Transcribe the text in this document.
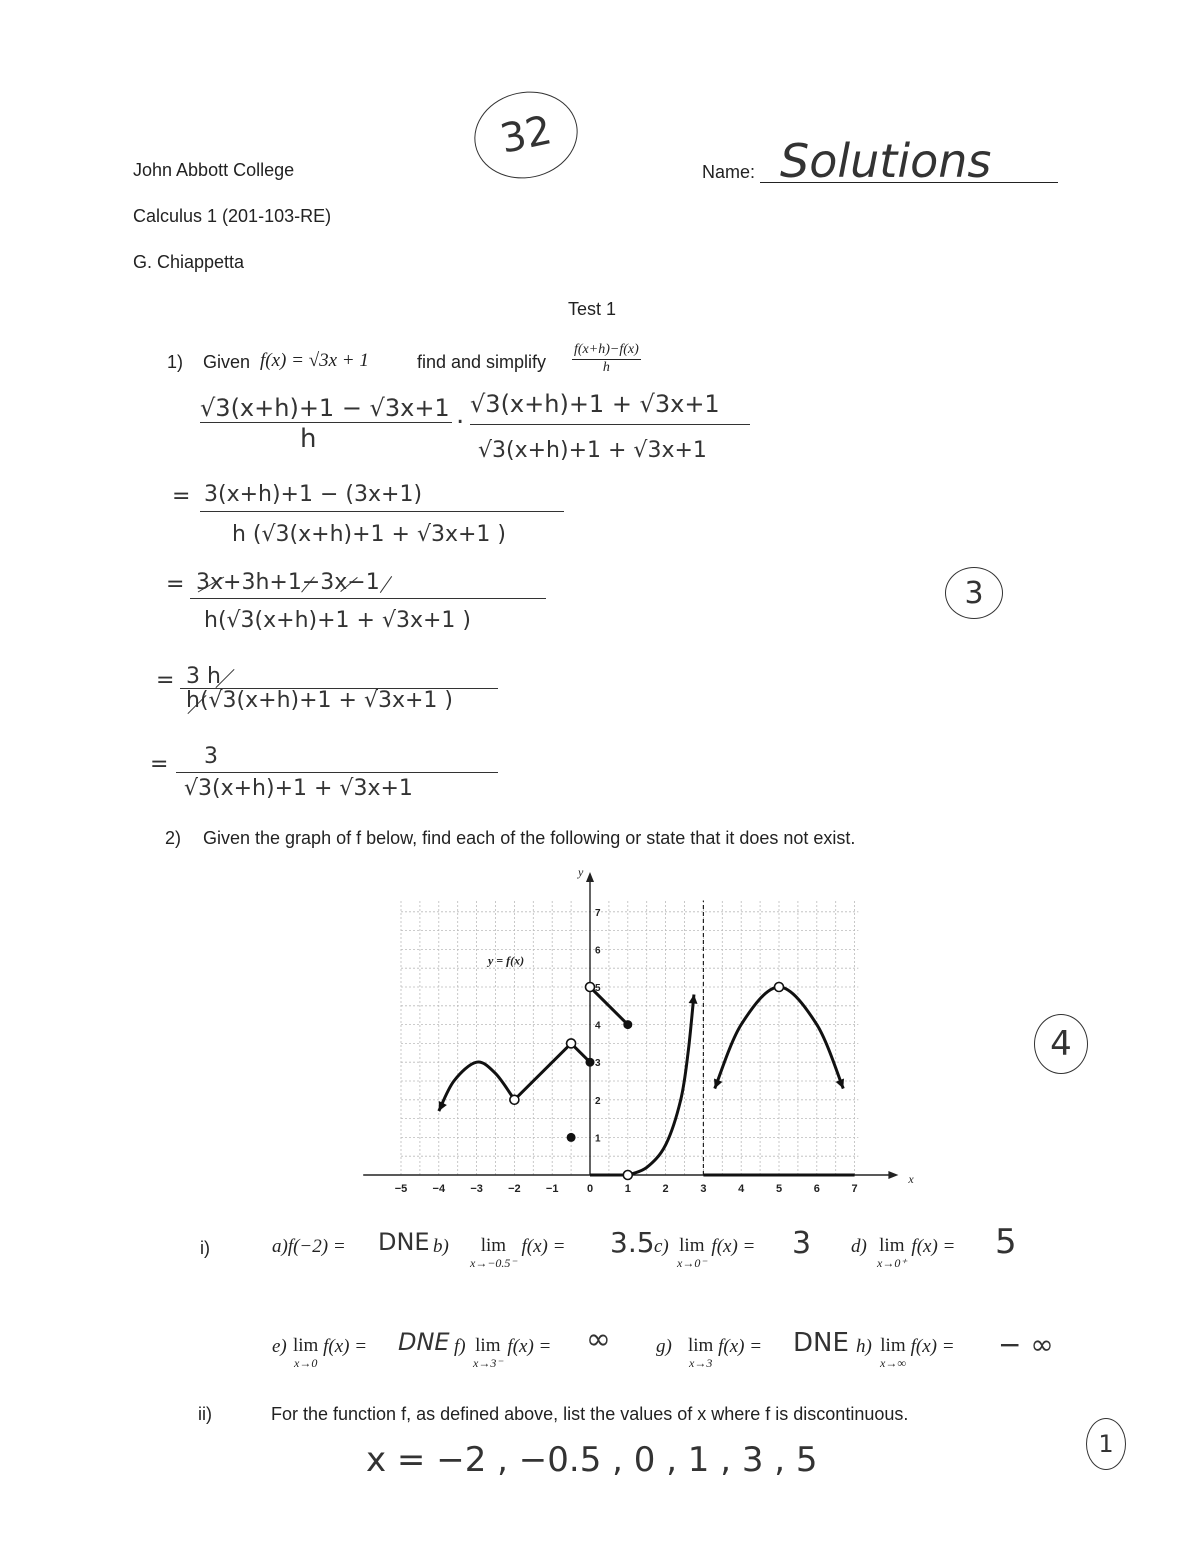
John Abbott College
Calculus 1 (201-103-RE)
G. Chiappetta
Test 1
32
Name: Solutions
1) Given f(x) = √3x + 1	find and simplify $\frac{f(x+h)-f(x)}{h}$
3
√3(x+h)+1 − √3x+1
h
. √3(x+h)+1 + √3x+1
√3(x+h)+1 + √3x+1
= 3(x+h)+1 − (3x+1)
h (√3(x+h)+1 + √3x+1 )
= 3x+3h+1−3x−1
h(√3(x+h)+1 + √3x+1 )
= 3 h
h(√3(x+h)+1 + √3x+1 )
= 3
√3(x+h)+1 + √3x+1
2) Given the graph of f below, find each of the following or state that it does not exist.
−5 −4 −3 −2 −1	0	1	2	3	4	5	6	7
1
2
3
4
5
6
7
x
y
y = f(x)
4
i)	a)f(−2) = DNE b)	lim
x→−0.5⁻
f(x) = 3.5 c) lim
x→0⁻
f(x) = 3 d) lim
x→0⁺
f(x) = 5
e) lim
x→0
f(x) = DNE f) lim
x→3⁻
f(x) = ∞ g) lim
x→3
f(x) = DNE h) lim
x→∞
f(x) = − ∞
ii)	For the function f, as defined above, list the values of x where f is discontinuous.
x = −2 , −0.5 , 0 , 1 , 3 , 5	1
